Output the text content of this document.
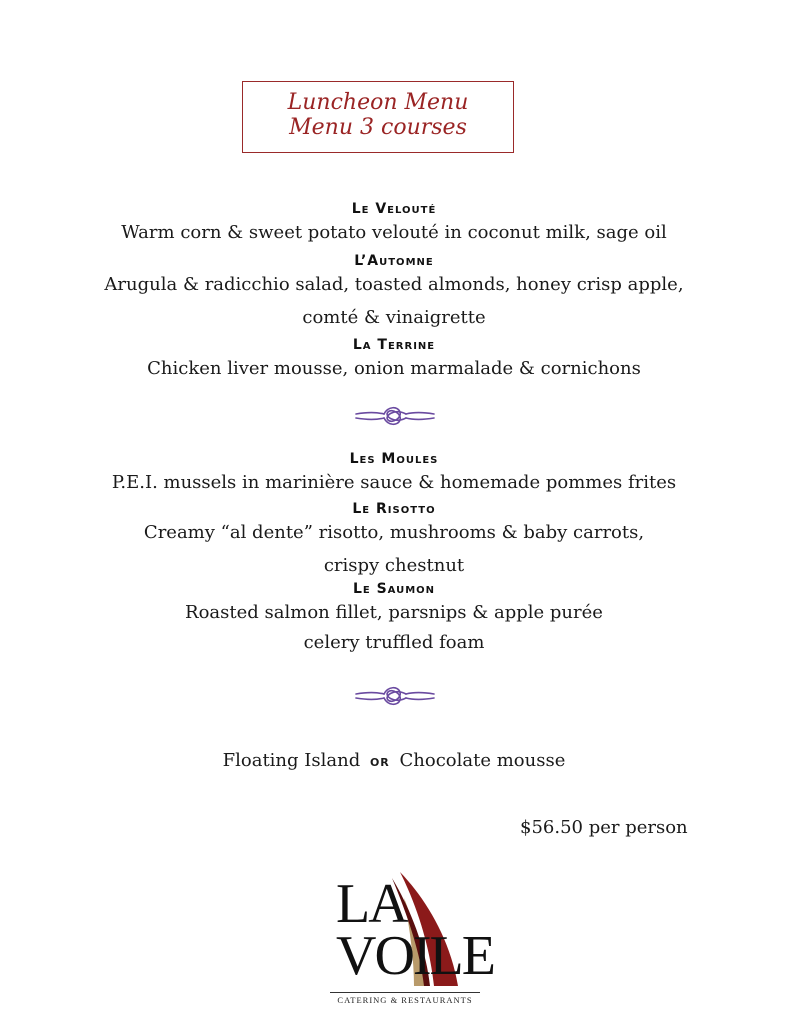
Luncheon Menu
Menu 3 courses
Le Velouté
Warm corn & sweet potato velouté in coconut milk, sage oil
L’Automne
Arugula & radicchio salad, toasted almonds, honey crisp apple,
comté & vinaigrette
La Terrine
Chicken liver mousse, onion marmalade & cornichons
Les Moules
P.E.I. mussels in marinière sauce & homemade pommes frites
Le Risotto
Creamy “al dente” risotto, mushrooms & baby carrots,
crispy chestnut
Le Saumon
Roasted salmon fillet, parsnips & apple purée
celery truffled foam
Floating Island or Chocolate mousse
$56.50 per person
LA
VOILE
CATERING & RESTAURANTS
